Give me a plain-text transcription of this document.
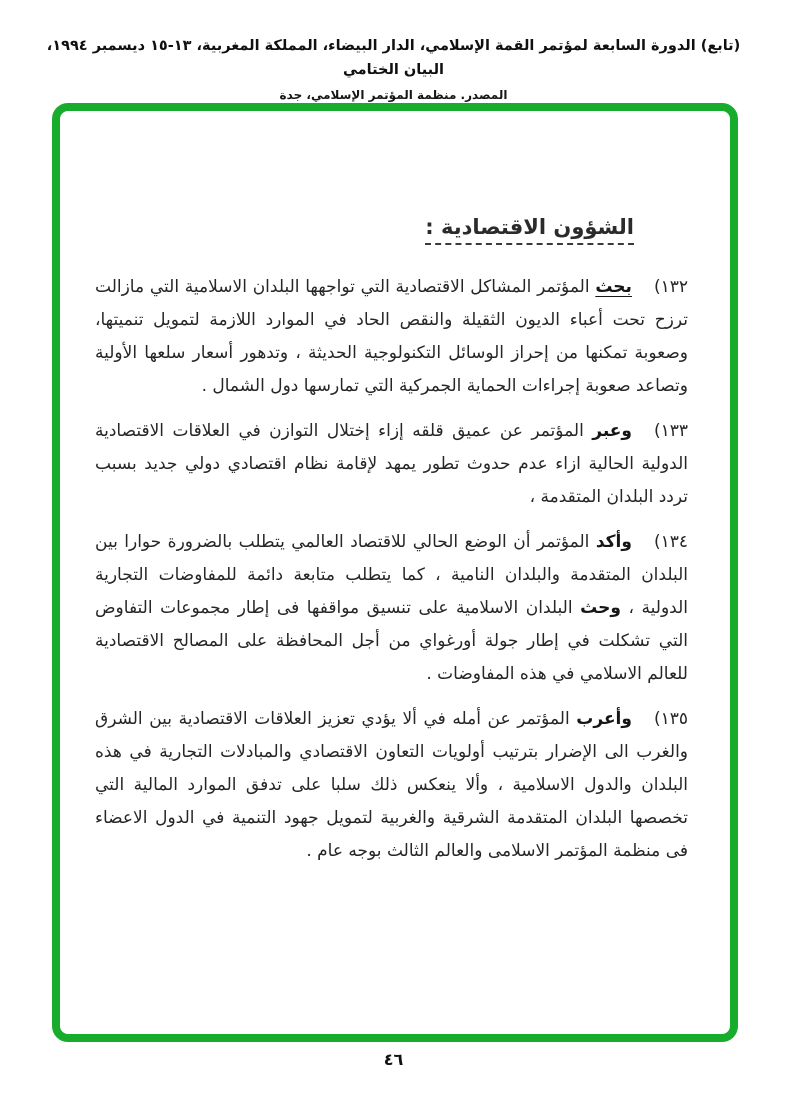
(تابع) الدورة السابعة لمؤتمر القمة الإسلامي، الدار البيضاء، المملكة المغربية، ١٣-١٥ ديسمبر ١٩٩٤، البيان الختامي
المصدر. منظمة المؤتمر الإسلامي، جدة
الشؤون الاقتصادية :
١٣٢)بحث المؤتمر المشاكل الاقتصادية التي تواجهها البلدان الاسلامية التي مازالت ترزح تحت أعباء الديون الثقيلة والنقص الحاد في الموارد اللازمة لتمويل تنميتها، وصعوبة تمكنها من إحراز الوسائل التكنولوجية الحديثة ، وتدهور أسعار سلعها الأولية وتصاعد صعوبة إجراءات الحماية الجمركية التي تمارسها دول الشمال .
١٣٣)وعبر المؤتمر عن عميق قلقه إزاء إختلال التوازن في العلاقات الاقتصادية الدولية الحالية ازاء عدم حدوث تطور يمهد لإقامة نظام اقتصادي دولي جديد بسبب تردد البلدان المتقدمة ،
١٣٤)وأكد المؤتمر أن الوضع الحالي للاقتصاد العالمي يتطلب بالضرورة حوارا بين البلدان المتقدمة والبلدان النامية ، كما يتطلب متابعة دائمة للمفاوضات التجارية الدولية ، وحث البلدان الاسلامية على تنسيق مواقفها فى إطار مجموعات التفاوض التي تشكلت في إطار جولة أورغواي من أجل المحافظة على المصالح الاقتصادية للعالم الاسلامي في هذه المفاوضات .
١٣٥)وأعرب المؤتمر عن أمله في ألا يؤدي تعزيز العلاقات الاقتصادية بين الشرق والغرب الى الإضرار بترتيب أولويات التعاون الاقتصادي والمبادلات التجارية في هذه البلدان والدول الاسلامية ، وألا ينعكس ذلك سلبا على تدفق الموارد المالية التي تخصصها البلدان المتقدمة الشرقية والغربية لتمويل جهود التنمية في الدول الاعضاء فى منظمة المؤتمر الاسلامى والعالم الثالث بوجه عام .
٤٦
